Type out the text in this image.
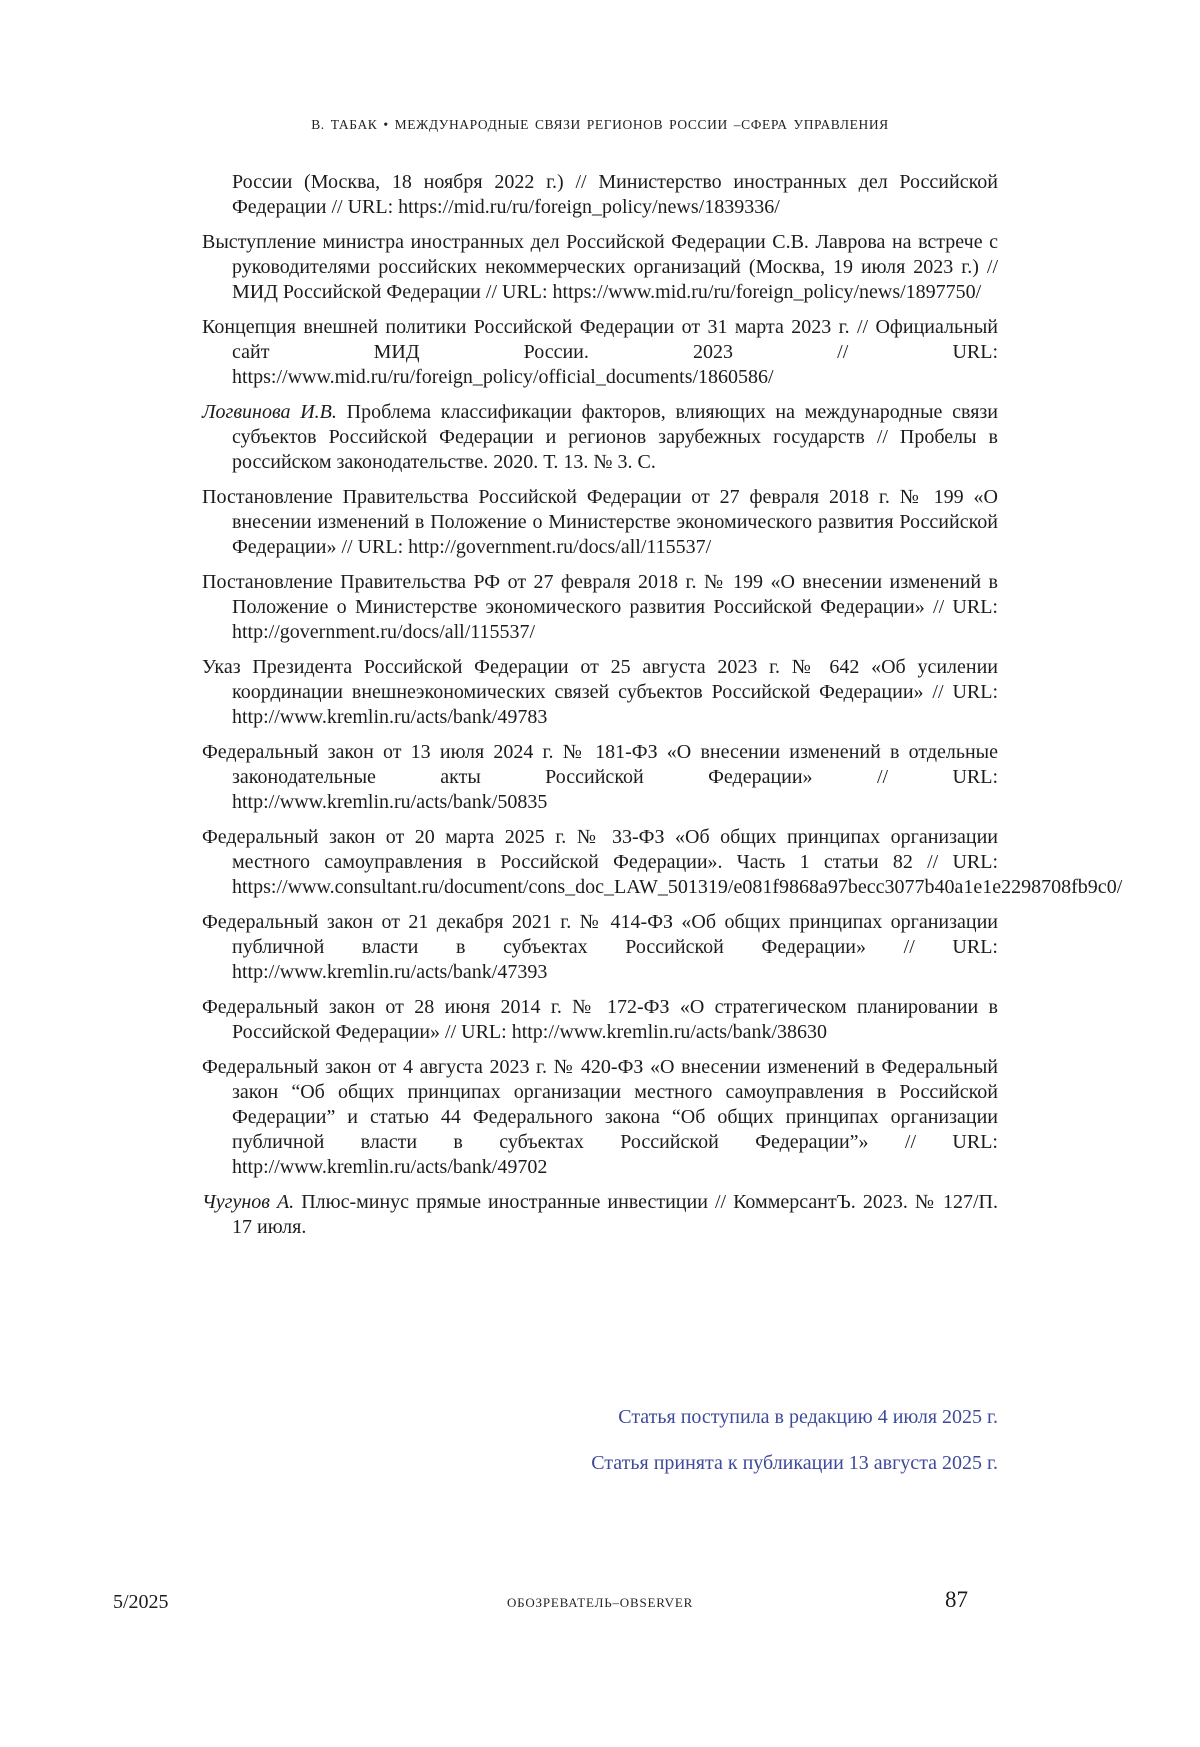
В. ТАБАК • МЕЖДУНАРОДНЫЕ СВЯЗИ РЕГИОНОВ РОССИИ –СФЕРА УПРАВЛЕНИЯ

России (Москва, 18 ноября 2022 г.) // Министерство иностранных дел Российской Федерации // URL: https://mid.ru/ru/foreign_policy/news/1839336/

Выступление министра иностранных дел Российской Федерации С.В. Лаврова на встрече с руководителями российских некоммерческих организаций (Москва, 19 июля 2023 г.) // МИД Российской Федерации // URL: https://www.mid.ru/ru/foreign_policy/news/1897750/

Концепция внешней политики Российской Федерации от 31 марта 2023 г. // Официальный сайт МИД России. 2023 // URL: https://www.mid.ru/ru/foreign_policy/official_documents/1860586/

Логвинова И.В. Проблема классификации факторов, влияющих на международные связи субъектов Российской Федерации и регионов зарубежных государств // Пробелы в российском законодательстве. 2020. Т. 13. № 3. С.

Постановление Правительства Российской Федерации от 27 февраля 2018 г. № 199 «О внесении изменений в Положение о Министерстве экономического развития Российской Федерации» // URL: http://government.ru/docs/all/115537/

Постановление Правительства РФ от 27 февраля 2018 г. № 199 «О внесении изменений в Положение о Министерстве экономического развития Российской Федерации» // URL: http://government.ru/docs/all/115537/

Указ Президента Российской Федерации от 25 августа 2023 г. № 642 «Об усилении координации внешнеэкономических связей субъектов Российской Федерации» // URL: http://www.kremlin.ru/acts/bank/49783

Федеральный закон от 13 июля 2024 г. № 181-ФЗ «О внесении изменений в отдельные законодательные акты Российской Федерации» // URL: http://www.kremlin.ru/acts/bank/50835

Федеральный закон от 20 марта 2025 г. № 33-ФЗ «Об общих принципах организации местного самоуправления в Российской Федерации». Часть 1 статьи 82 // URL: https://www.consultant.ru/document/cons_doc_LAW_501319/e081f9868a97becc3077b40a1e1e2298708fb9c0/

Федеральный закон от 21 декабря 2021 г. № 414-ФЗ «Об общих принципах организации публичной власти в субъектах Российской Федерации» // URL: http://www.kremlin.ru/acts/bank/47393

Федеральный закон от 28 июня 2014 г. № 172-ФЗ «О стратегическом планировании в Российской Федерации» // URL: http://www.kremlin.ru/acts/bank/38630

Федеральный закон от 4 августа 2023 г. № 420-ФЗ «О внесении изменений в Федеральный закон “Об общих принципах организации местного самоуправления в Российской Федерации” и статью 44 Федерального закона “Об общих принципах организации публичной власти в субъектах Российской Федерации”» // URL: http://www.kremlin.ru/acts/bank/49702

Чугунов А. Плюс-минус прямые иностранные инвестиции // КоммерсантЪ. 2023. № 127/П. 17 июля.

Статья поступила в редакцию 4 июля 2025 г.
Статья принята к публикации 13 августа 2025 г.
5/2025	ОБОЗРЕВАТЕЛЬ–OBSERVER	87
